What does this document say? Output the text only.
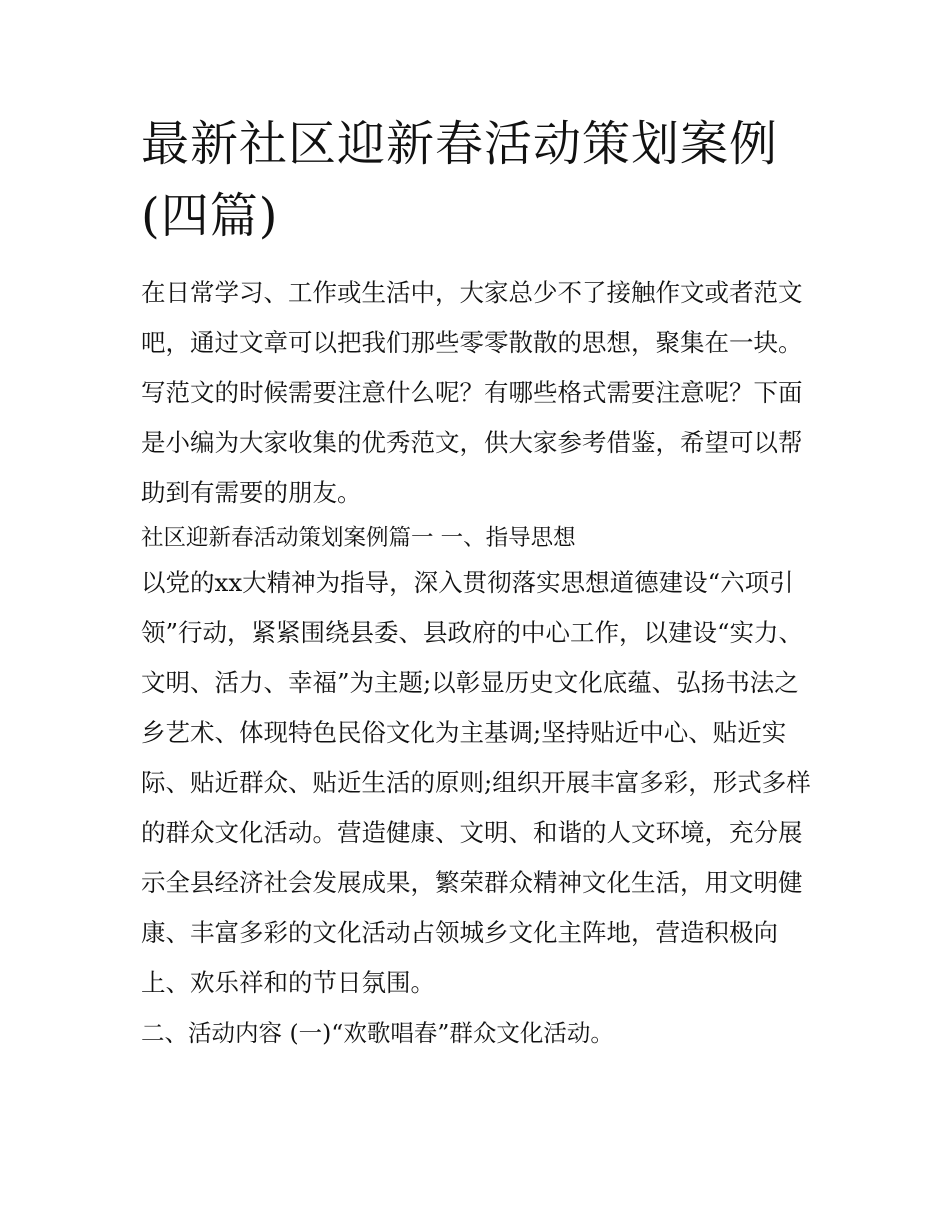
最新社区迎新春活动策划案例(四篇)

在日常学习、工作或生活中，大家总少不了接触作文或者范文吧，通过文章可以把我们那些零零散散的思想，聚集在一块。写范文的时候需要注意什么呢？有哪些格式需要注意呢？下面是小编为大家收集的优秀范文，供大家参考借鉴，希望可以帮助到有需要的朋友。

社区迎新春活动策划案例篇一 一、指导思想

以党的xx大精神为指导，深入贯彻落实思想道德建设“六项引领”行动，紧紧围绕县委、县政府的中心工作，以建设“实力、文明、活力、幸福”为主题;以彰显历史文化底蕴、弘扬书法之乡艺术、体现特色民俗文化为主基调;坚持贴近中心、贴近实际、贴近群众、贴近生活的原则;组织开展丰富多彩，形式多样的群众文化活动。营造健康、文明、和谐的人文环境，充分展示全县经济社会发展成果，繁荣群众精神文化生活，用文明健康、丰富多彩的文化活动占领城乡文化主阵地，营造积极向上、欢乐祥和的节日氛围。

二、活动内容 (一)“欢歌唱春”群众文化活动。
